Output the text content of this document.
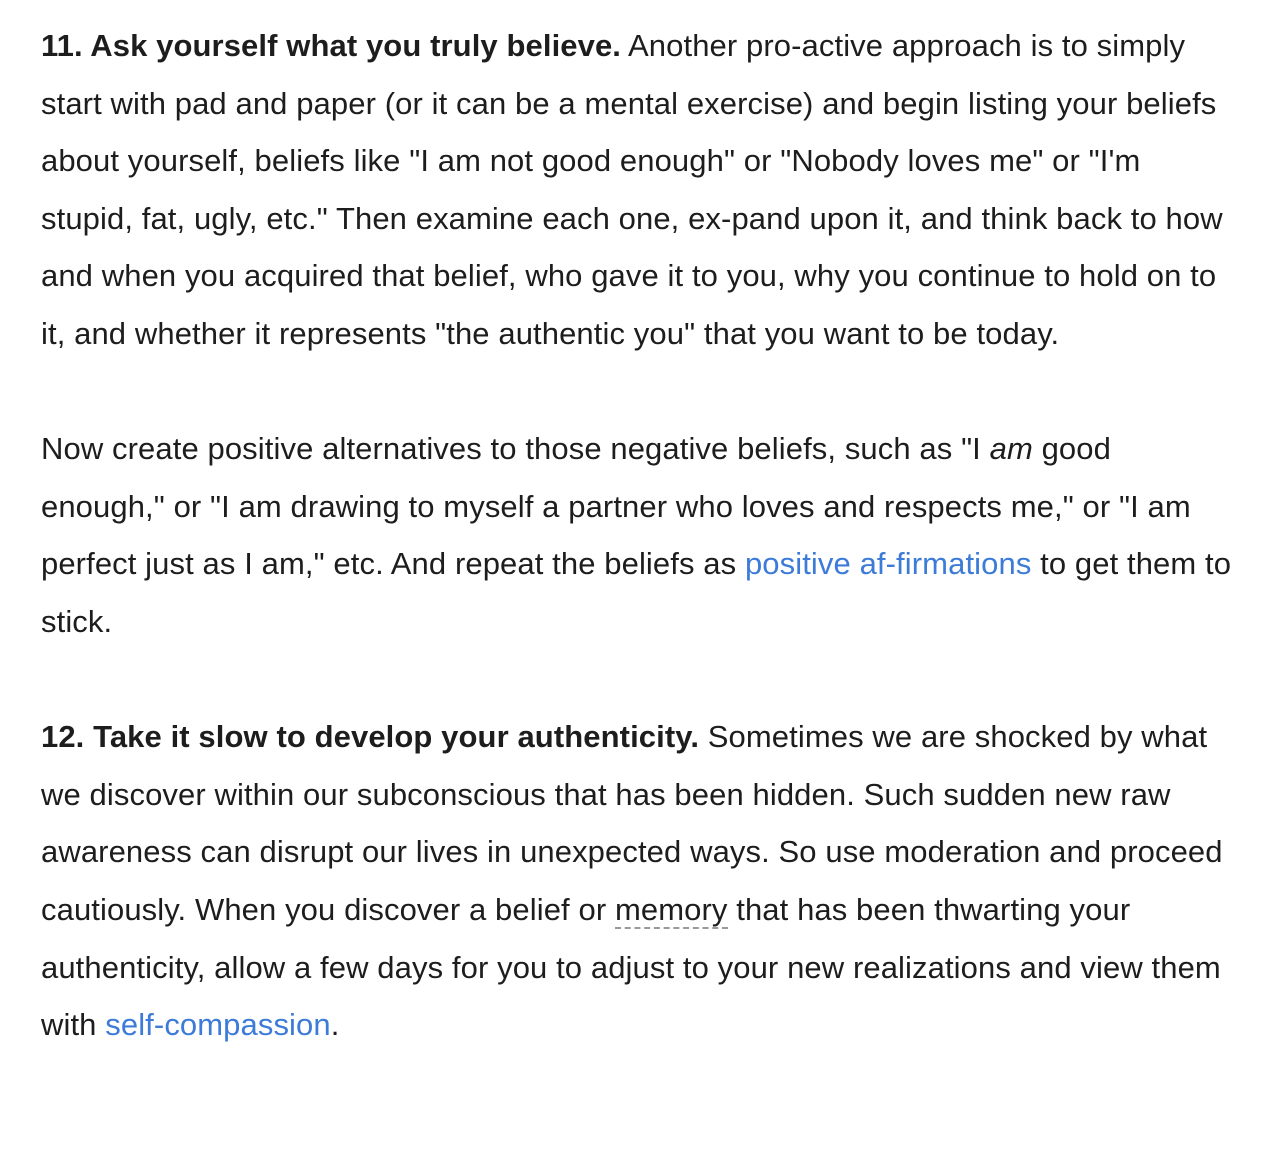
11. Ask yourself what you truly believe. Another pro-active approach is to simply start with pad and paper (or it can be a mental exercise) and begin listing your beliefs about yourself, beliefs like "I am not good enough" or "Nobody loves me" or "I'm stupid, fat, ugly, etc." Then examine each one, ex-pand upon it, and think back to how and when you acquired that belief, who gave it to you, why you continue to hold on to it, and whether it represents "the authentic you" that you want to be today.

Now create positive alternatives to those negative beliefs, such as "I am good enough," or "I am drawing to myself a partner who loves and respects me," or "I am perfect just as I am," etc. And repeat the beliefs as positive af-firmations to get them to stick.

12. Take it slow to develop your authenticity. Sometimes we are shocked by what we discover within our subconscious that has been hidden. Such sudden new raw awareness can disrupt our lives in unexpected ways. So use moderation and proceed cautiously. When you discover a belief or memory that has been thwarting your authenticity, allow a few days for you to adjust to your new realizations and view them with self-compassion.
